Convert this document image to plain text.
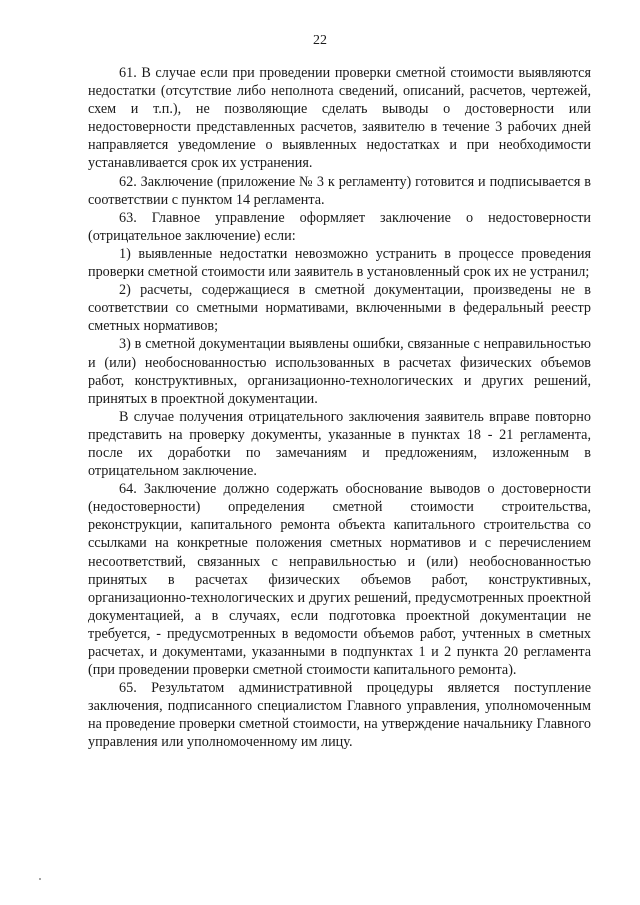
22

61. В случае если при проведении проверки сметной стоимости выявляются недостатки (отсутствие либо неполнота сведений, описаний, расчетов, чертежей, схем и т.п.), не позволяющие сделать выводы о достоверности или недостоверности представленных расчетов, заявителю в течение 3 рабочих дней направляется уведомление о выявленных недостатках и при необходимости устанавливается срок их устранения.

62. Заключение (приложение № 3 к регламенту) готовится и подписывается в соответствии с пунктом 14 регламента.

63. Главное управление оформляет заключение о недостоверности (отрицательное заключение) если:

1) выявленные недостатки невозможно устранить в процессе проведения проверки сметной стоимости или заявитель в установленный срок их не устранил;

2) расчеты, содержащиеся в сметной документации, произведены не в соответствии со сметными нормативами, включенными в федеральный реестр сметных нормативов;

3) в сметной документации выявлены ошибки, связанные с неправильностью и (или) необоснованностью использованных в расчетах физических объемов работ, конструктивных, организационно-технологических и других решений, принятых в проектной документации.

В случае получения отрицательного заключения заявитель вправе повторно представить на проверку документы, указанные в пунктах 18 - 21 регламента, после их доработки по замечаниям и предложениям, изложенным в отрицательном заключение.

64. Заключение должно содержать обоснование выводов о достоверности (недостоверности) определения сметной стоимости строительства, реконструкции, капитального ремонта объекта капитального строительства со ссылками на конкретные положения сметных нормативов и с перечислением несоответствий, связанных с неправильностью и (или) необоснованностью принятых в расчетах физических объемов работ, конструктивных, организационно-технологических и других решений, предусмотренных проектной документацией, а в случаях, если подготовка проектной документации не требуется, - предусмотренных в ведомости объемов работ, учтенных в сметных расчетах, и документами, указанными в подпунктах 1 и 2 пункта 20 регламента (при проведении проверки сметной стоимости капитального ремонта).

65. Результатом административной процедуры является поступление заключения, подписанного специалистом Главного управления, уполномоченным на проведение проверки сметной стоимости, на утверждение начальнику Главного управления или уполномоченному им лицу.
